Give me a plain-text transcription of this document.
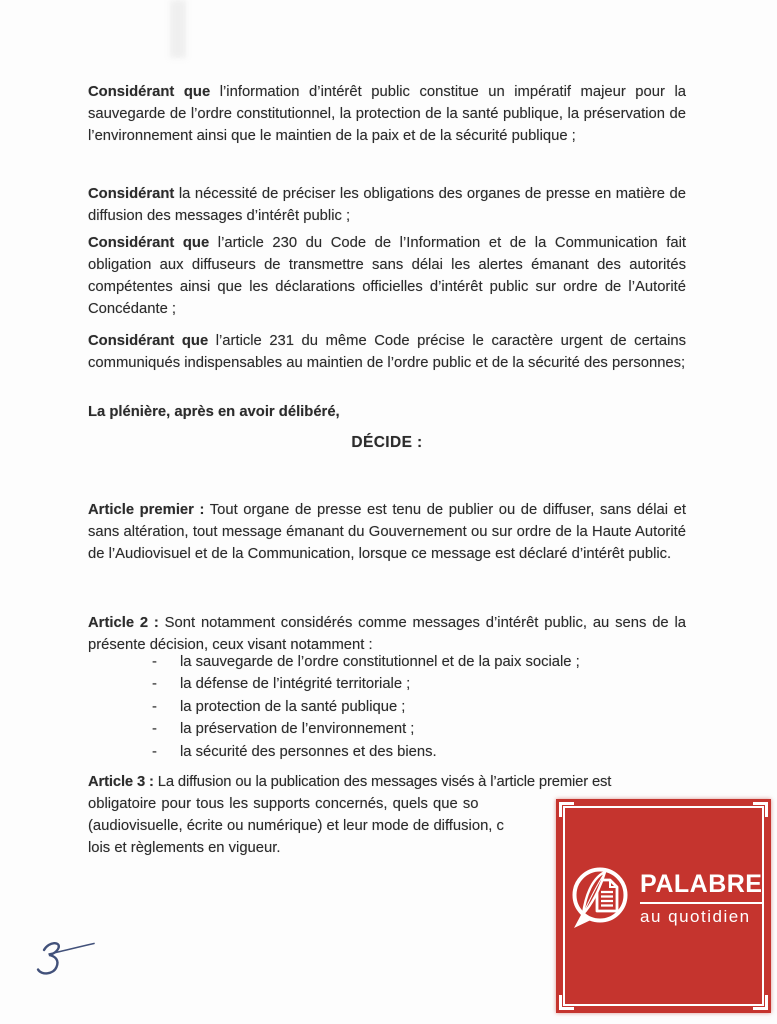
Considérant que l’information d’intérêt public constitue un impératif majeur pour la sauvegarde de l’ordre constitutionnel, la protection de la santé publique, la préservation de l’environnement ainsi que le maintien de la paix et de la sécurité publique ;

Considérant la nécessité de préciser les obligations des organes de presse en matière de diffusion des messages d’intérêt public ;

Considérant que l’article 230 du Code de l’Information et de la Communication fait obligation aux diffuseurs de transmettre sans délai les alertes émanant des autorités compétentes ainsi que les déclarations officielles d’intérêt public sur ordre de l’Autorité Concédante ;

Considérant que l’article 231 du même Code précise le caractère urgent de certains communiqués indispensables au maintien de l’ordre public et de la sécurité des personnes;

La plénière, après en avoir délibéré,

DÉCIDE :

Article premier : Tout organe de presse est tenu de publier ou de diffuser, sans délai et sans altération, tout message émanant du Gouvernement ou sur ordre de la Haute Autorité de l’Audiovisuel et de la Communication, lorsque ce message est déclaré d’intérêt public.

Article 2 : Sont notamment considérés comme messages d’intérêt public, au sens de la présente décision, ceux visant notamment :

-	la sauvegarde de l’ordre constitutionnel et de la paix sociale ;
-	la défense de l’intégrité territoriale ;
-	la protection de la santé publique ;
-	la préservation de l’environnement ;
-	la sécurité des personnes et des biens.
Article 3 : La diffusion ou la publication des messages visés à l’article premier est
obligatoire pour tous les supports concernés, quels que so
(audiovisuelle, écrite ou numérique) et leur mode de diffusion, c
lois et règlements en vigueur.
PALABRE
au quotidien
